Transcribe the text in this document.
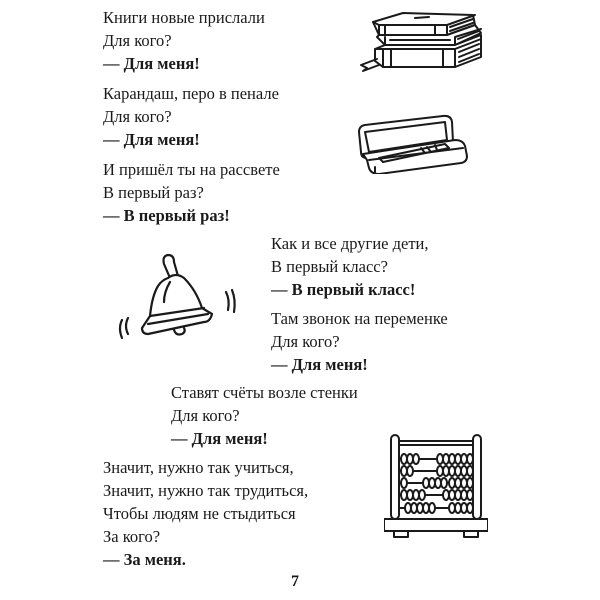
Книги новые прислали
Для кого?
— Для меня!
Карандаш, перо в пенале
Для кого?
— Для меня!
И пришёл ты на рассвете
В первый раз?
— В первый раз!
Как и все другие дети,
В первый класс?
— В первый класс!
Там звонок на переменке
Для кого?
— Для меня!
Ставят счёты возле стенки
Для кого?
— Для меня!
Значит, нужно так учиться,
Значит, нужно так трудиться,
Чтобы людям не стыдиться
За кого?
— За меня.
7
